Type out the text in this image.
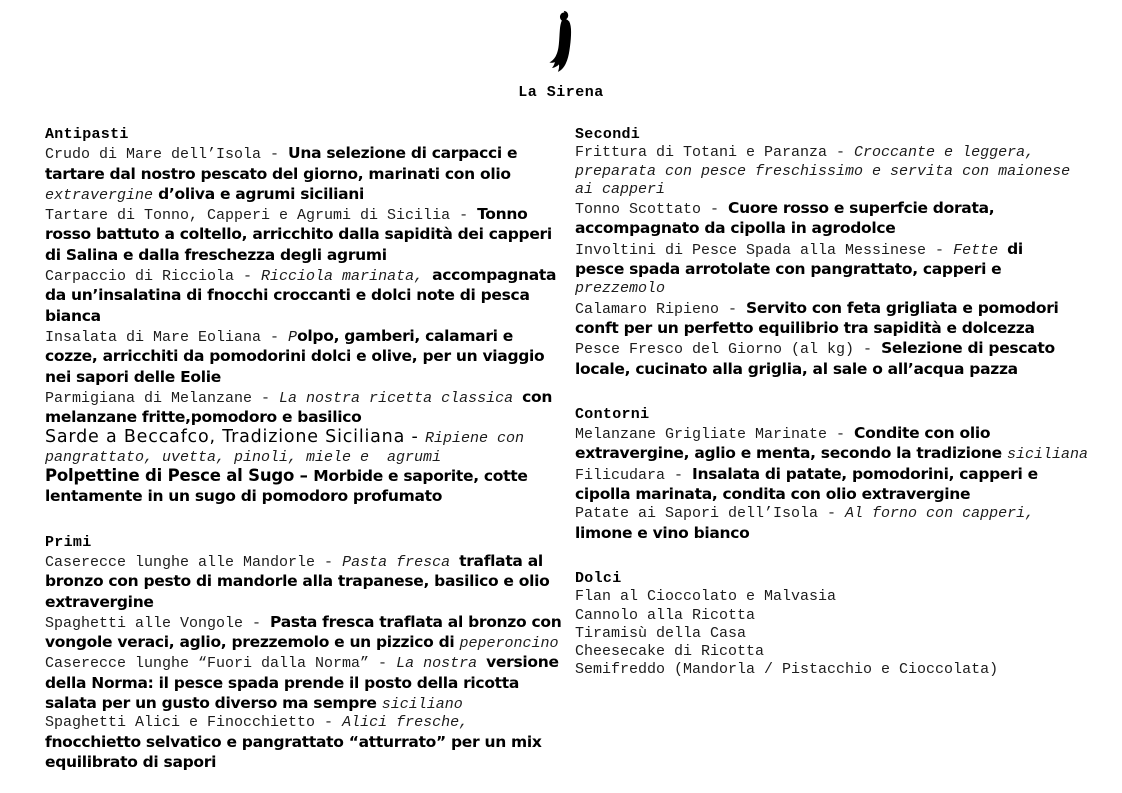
La Sirena
Antipasti

Crudo di Mare dell’Isola - Una selezione di carpacci e tartare dal nostro pescato del giorno, marinati con olio extravergine d’oliva e agrumi siciliani

Tartare di Tonno, Capperi e Agrumi di Sicilia - Tonno rosso battuto a coltello, arricchito dalla sapidità dei capperi di Salina e dalla freschezza degli agrumi

Carpaccio di Ricciola - Ricciola marinata, accompagnata da un’insalatina di fnocchi croccanti e dolci note di pesca bianca

Insalata di Mare Eoliana - Polpo, gamberi, calamari e cozze, arricchiti da pomodorini dolci e olive, per un viaggio nei sapori delle Eolie

Parmigiana di Melanzane - La nostra ricetta classica con melanzane fritte,pomodoro e basilico

Sarde a Beccafco, Tradizione Siciliana - Ripiene con pangrattato, uvetta, pinoli, miele e  agrumi

Polpettine di Pesce al Sugo – Morbide e saporite, cotte lentamente in un sugo di pomodoro profumato

Primi

Caserecce lunghe alle Mandorle - Pasta fresca traflata al bronzo con pesto di mandorle alla trapanese, basilico e olio extravergine

Spaghetti alle Vongole - Pasta fresca traflata al bronzo con vongole veraci, aglio, prezzemolo e un pizzico di peperoncino

Caserecce lunghe “Fuori dalla Norma” - La nostra versione della Norma: il pesce spada prende il posto della ricotta salata per un gusto diverso ma sempre siciliano

Spaghetti Alici e Finocchietto - Alici fresche, fnocchietto selvatico e pangrattato “atturrato” per un mix equilibrato di sapori

Secondi

Frittura di Totani e Paranza - Croccante e leggera, preparata con pesce freschissimo e servita con maionese ai capperi

Tonno Scottato - Cuore rosso e superfcie dorata, accompagnato da cipolla in agrodolce

Involtini di Pesce Spada alla Messinese - Fette di    pesce spada arrotolate con pangrattato, capperi e prezzemolo

Calamaro Ripieno - Servito con feta grigliata e pomodori conft per un perfetto equilibrio tra sapidità e dolcezza

Pesce Fresco del Giorno (al kg) - Selezione di pescato locale, cucinato alla griglia, al sale o all’acqua pazza

Contorni

Melanzane Grigliate Marinate - Condite con olio extravergine, aglio e menta, secondo la tradizione siciliana

Filicudara - Insalata di patate, pomodorini, capperi e cipolla marinata, condita con olio extravergine

Patate ai Sapori dell’Isola - Al forno con capperi, limone e vino bianco

Dolci

Flan al Cioccolato e Malvasia

Cannolo alla Ricotta

Tiramisù della Casa

Cheesecake di Ricotta

Semifreddo (Mandorla / Pistacchio e Cioccolata)
